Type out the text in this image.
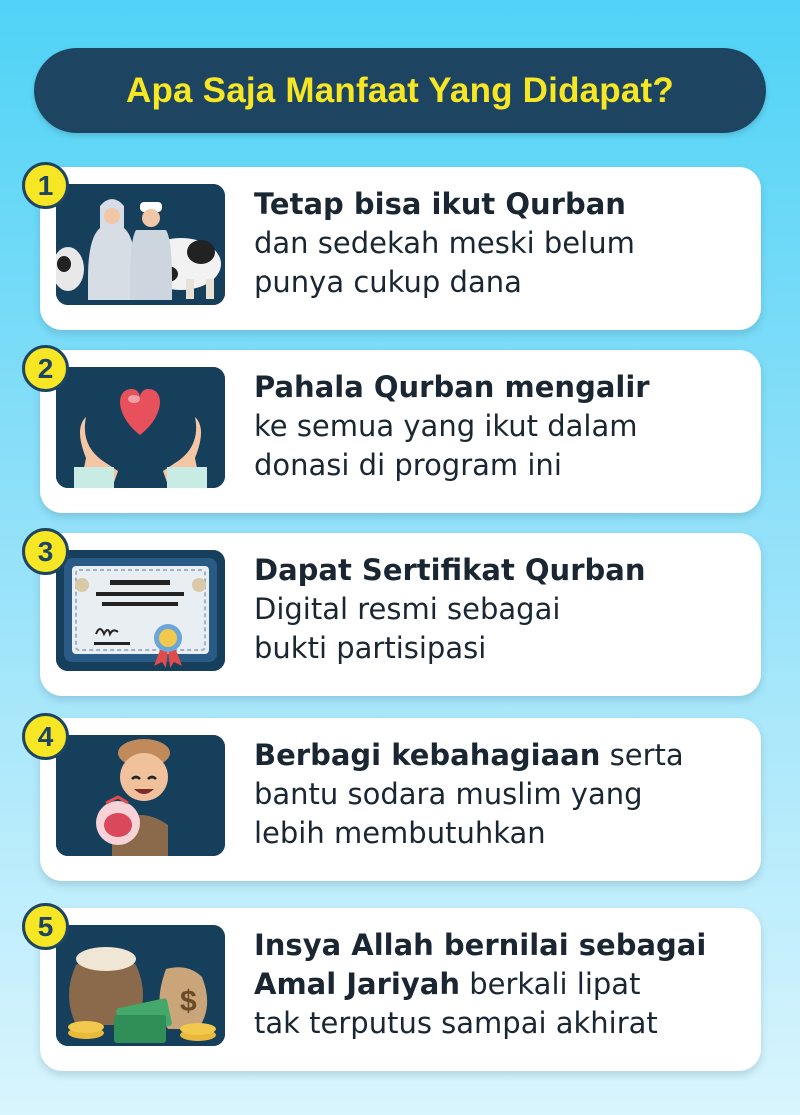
Apa Saja Manfaat Yang Didapat?
1
Tetap bisa ikut Qurban
dan sedekah meski belum
punya cukup dana
2
Pahala Qurban mengalir
ke semua yang ikut dalam
donasi di program ini
3
Dapat Sertifikat Qurban
Digital resmi sebagai
bukti partisipasi
4
Berbagi kebahagiaan serta
bantu sodara muslim yang
lebih membutuhkan
$
5
Insya Allah bernilai sebagai
Amal Jariyah berkali lipat
tak terputus sampai akhirat
